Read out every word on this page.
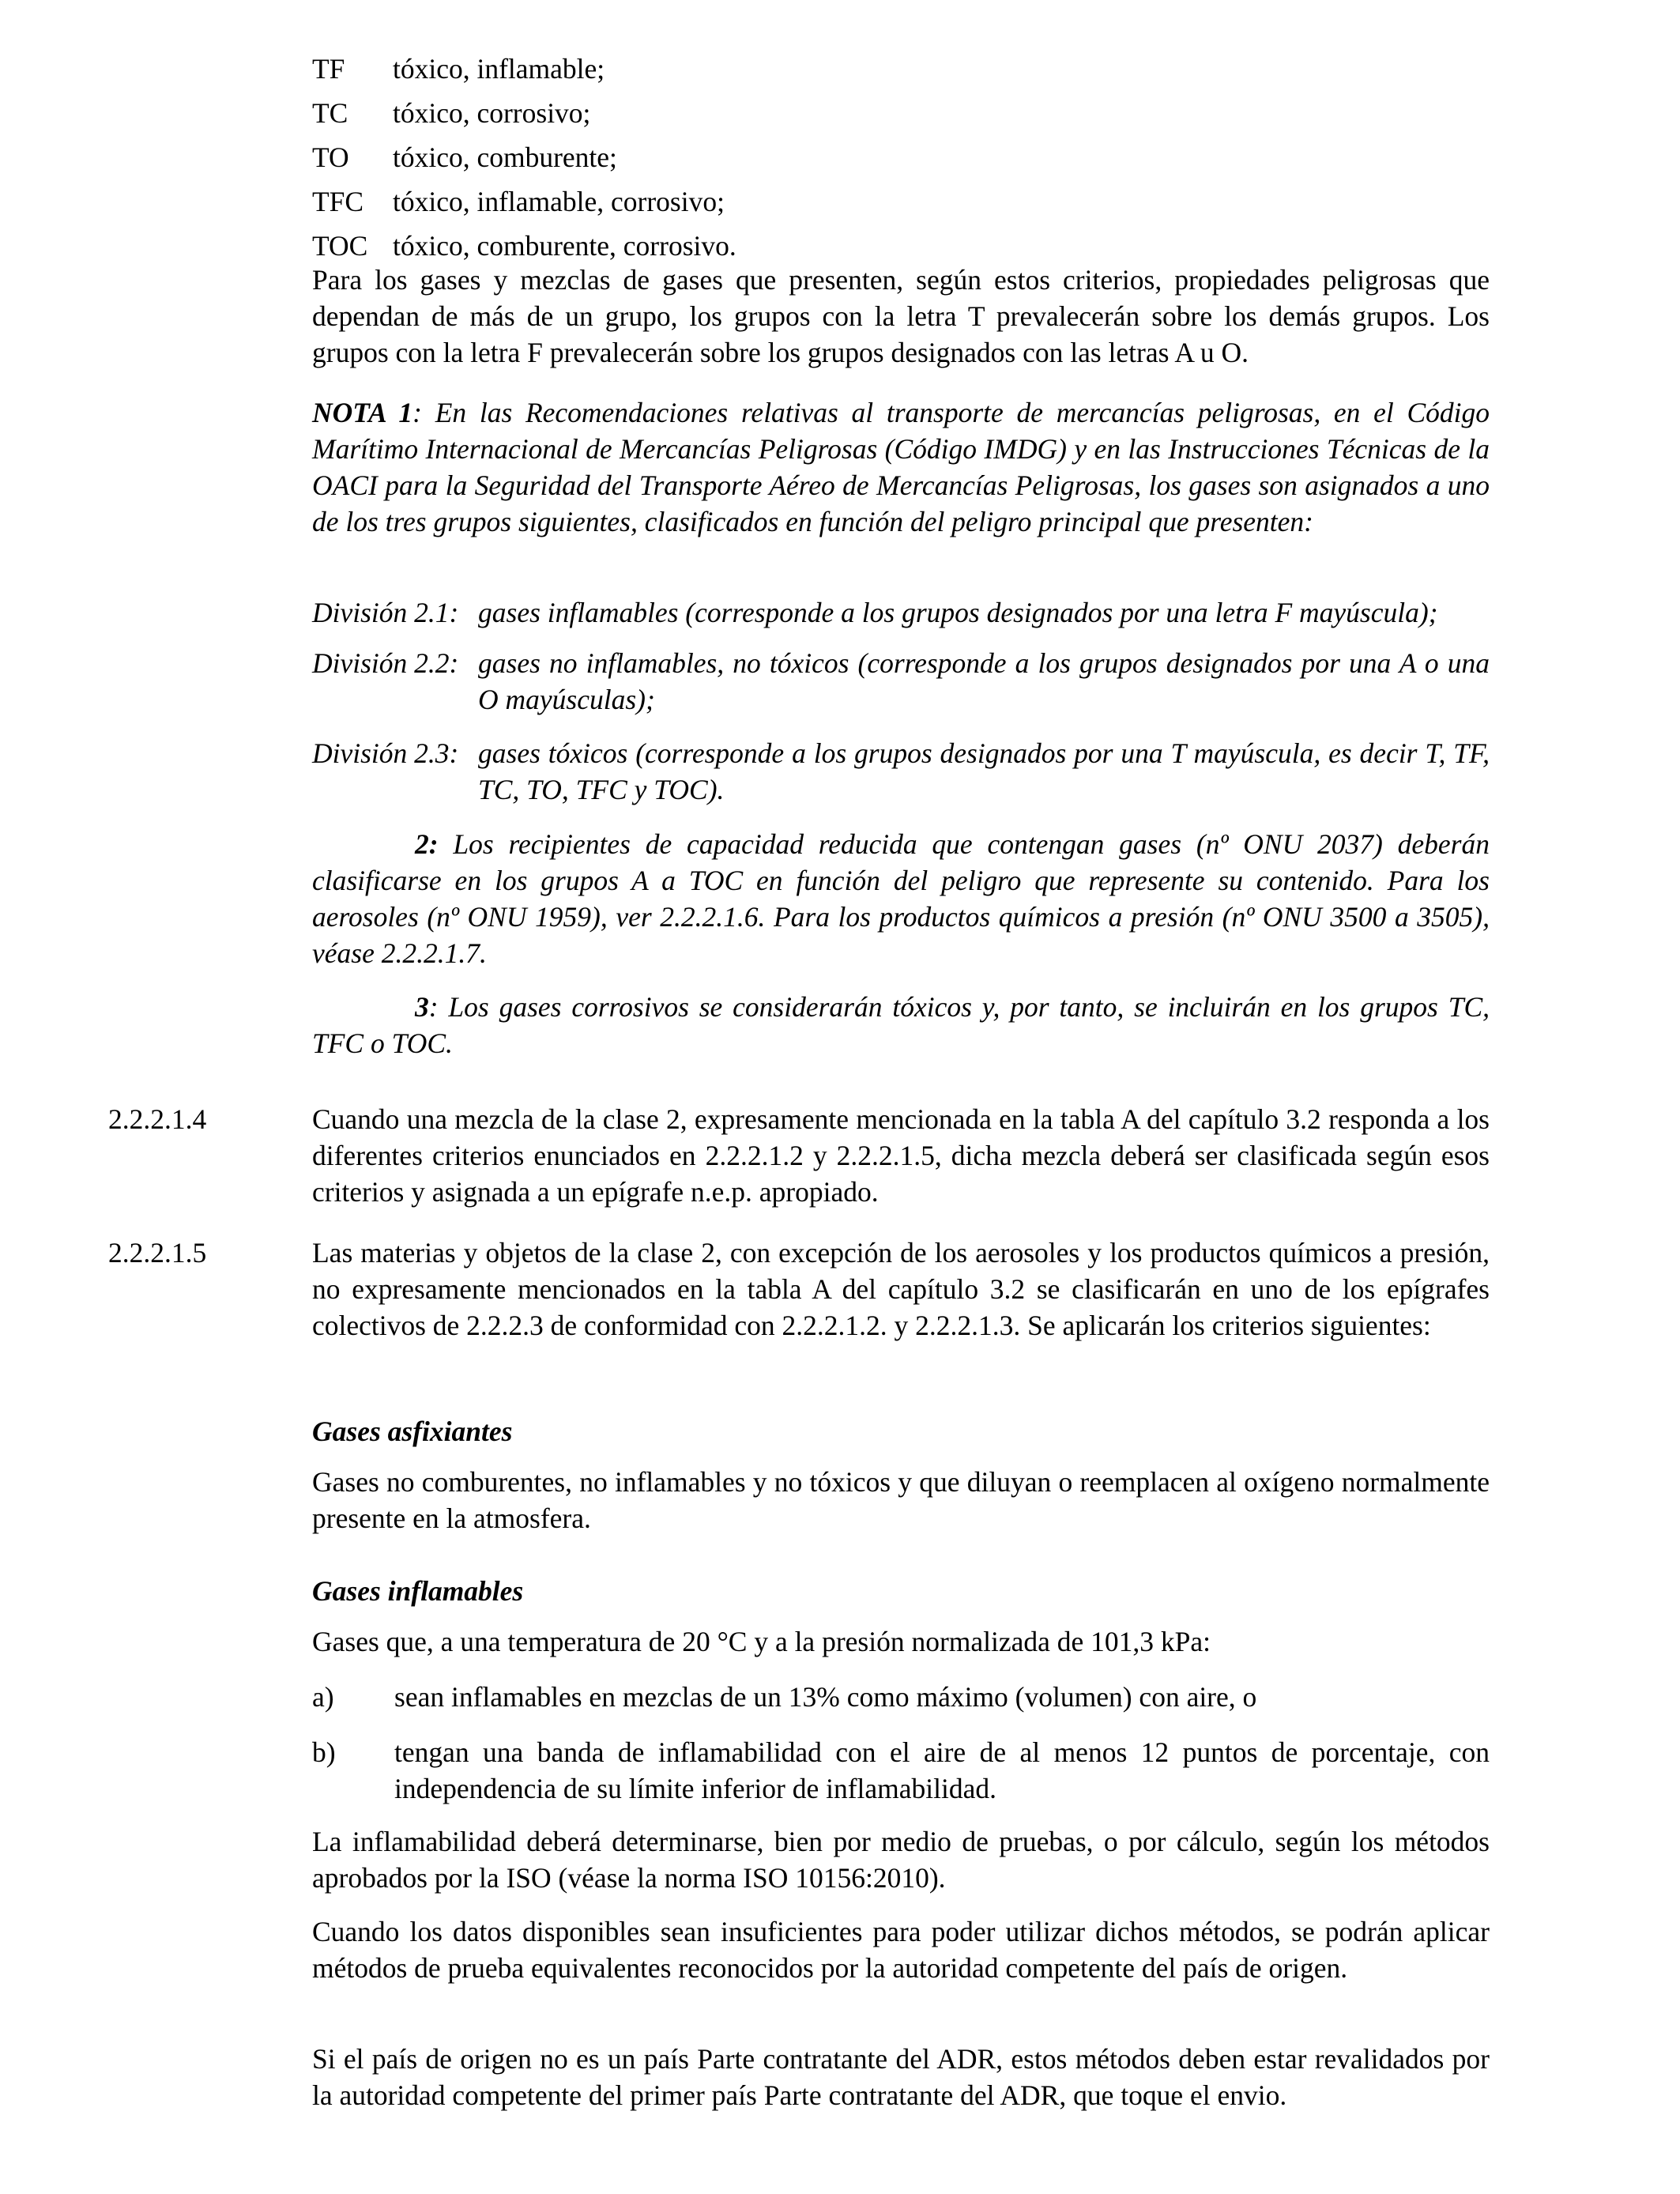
TF tóxico, inflamable;
TC tóxico, corrosivo;
TO tóxico, comburente;
TFC tóxico, inflamable, corrosivo;
TOC tóxico, comburente, corrosivo.

Para los gases y mezclas de gases que presenten, según estos criterios, propiedades peligrosas que dependan de más de un grupo, los grupos con la letra T prevalecerán sobre los demás grupos. Los grupos con la letra F prevalecerán sobre los grupos designados con las letras A u O.

NOTA 1: En las Recomendaciones relativas al transporte de mercancías peligrosas, en el Código Marítimo Internacional de Mercancías Peligrosas (Código IMDG) y en las Instrucciones Técnicas de la OACI para la Seguridad del Transporte Aéreo de Mercancías Peligrosas, los gases son asignados a uno de los tres grupos siguientes, clasificados en función del peligro principal que presenten:

División 2.1: gases inflamables (corresponde a los grupos designados por una letra F mayúscula);
División 2.2: gases no inflamables, no tóxicos (corresponde a los grupos designados por una A o una O mayúsculas);
División 2.3: gases tóxicos (corresponde a los grupos designados por una T mayúscula, es decir T, TF, TC, TO, TFC y TOC).

2: Los recipientes de capacidad reducida que contengan gases (nº ONU 2037) deberán clasificarse en los grupos A a TOC en función del peligro que represente su contenido. Para los aerosoles (nº ONU 1959), ver 2.2.2.1.6. Para los productos químicos a presión (nº ONU 3500 a 3505), véase 2.2.2.1.7.

3: Los gases corrosivos se considerarán tóxicos y, por tanto, se incluirán en los grupos TC, TFC o TOC.

2.2.2.1.4	Cuando una mezcla de la clase 2, expresamente mencionada en la tabla A del capítulo 3.2 responda a los diferentes criterios enunciados en 2.2.2.1.2 y 2.2.2.1.5, dicha mezcla deberá ser clasificada según esos criterios y asignada a un epígrafe n.e.p. apropiado.

2.2.2.1.5	Las materias y objetos de la clase 2, con excepción de los aerosoles y los productos químicos a presión, no expresamente mencionados en la tabla A del capítulo 3.2 se clasificarán en uno de los epígrafes colectivos de 2.2.2.3 de conformidad con 2.2.2.1.2. y 2.2.2.1.3. Se aplicarán los criterios siguientes:

Gases asfixiantes

Gases no comburentes, no inflamables y no tóxicos y que diluyan o reemplacen al oxígeno normalmente presente en la atmosfera.

Gases inflamables

Gases que, a una temperatura de 20 °C y a la presión normalizada de 101,3 kPa:

a) sean inflamables en mezclas de un 13% como máximo (volumen) con aire, o
b) tengan una banda de inflamabilidad con el aire de al menos 12 puntos de porcentaje, con independencia de su límite inferior de inflamabilidad.

La inflamabilidad deberá determinarse, bien por medio de pruebas, o por cálculo, según los métodos aprobados por la ISO (véase la norma ISO 10156:2010).

Cuando los datos disponibles sean insuficientes para poder utilizar dichos métodos, se podrán aplicar métodos de prueba equivalentes reconocidos por la autoridad competente del país de origen.

Si el país de origen no es un país Parte contratante del ADR, estos métodos deben estar revalidados por la autoridad competente del primer país Parte contratante del ADR, que toque el envio.
